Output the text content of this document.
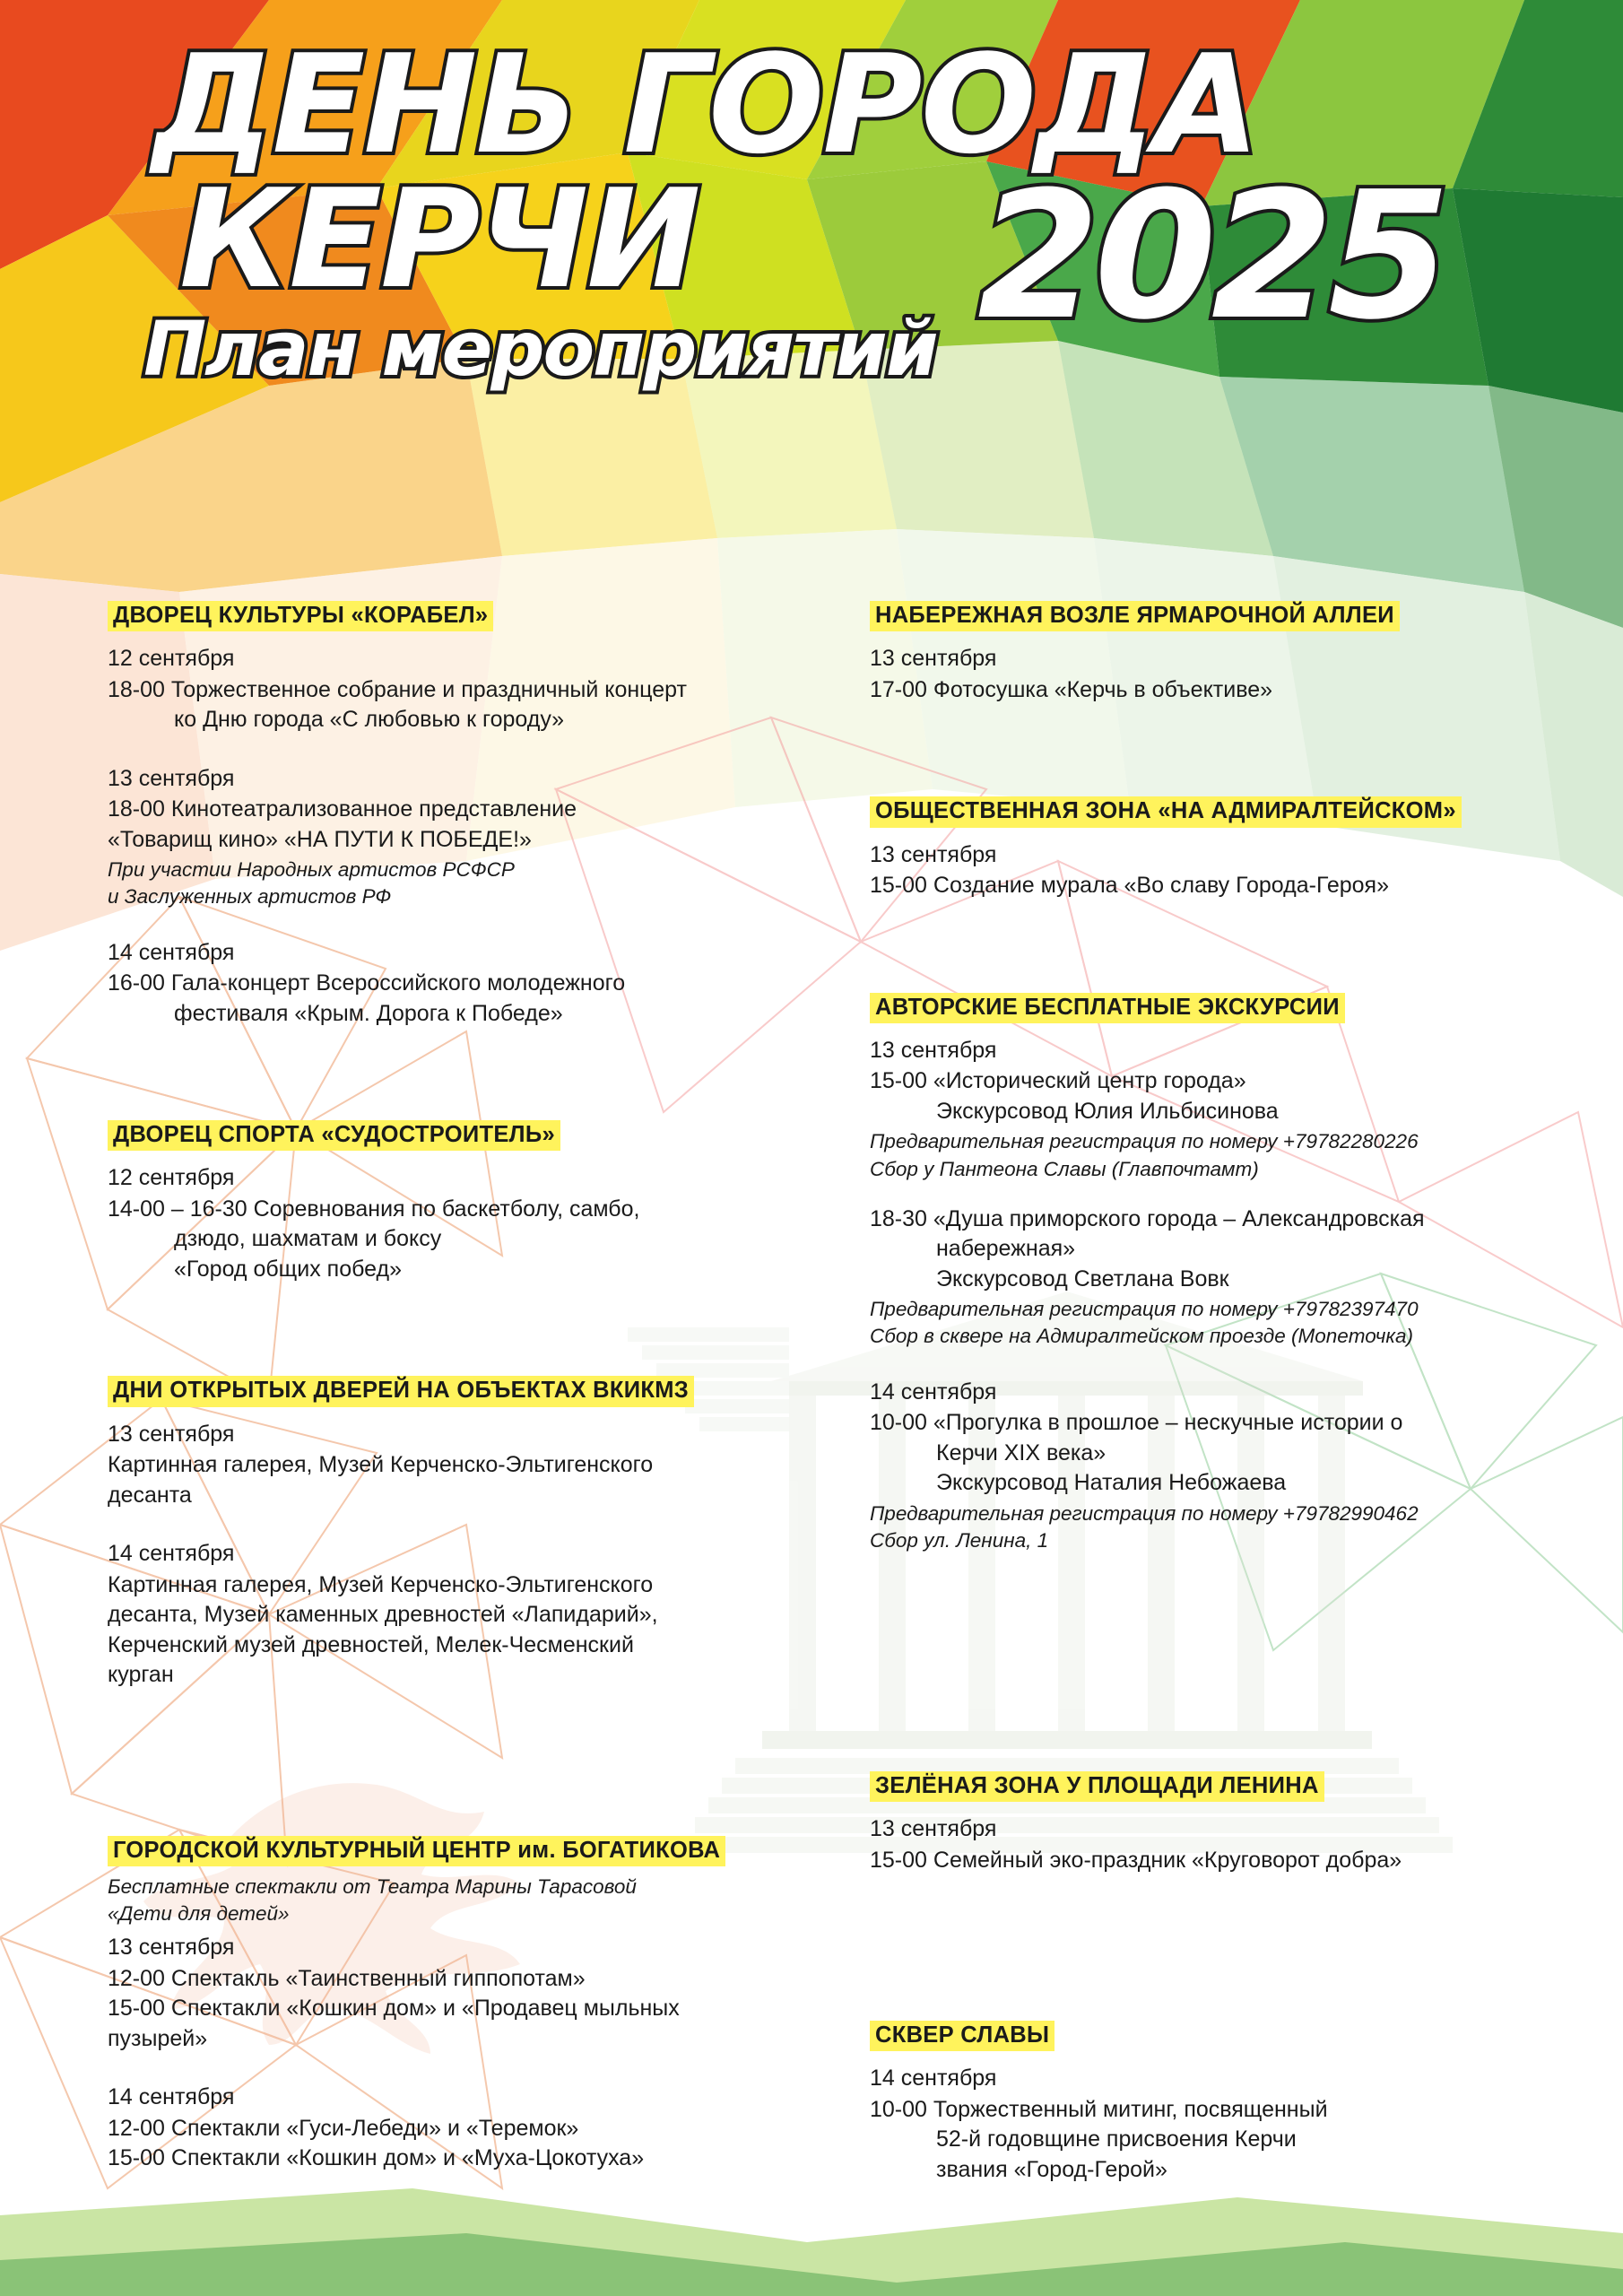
ДЕНЬ ГОРОДА
КЕРЧИ 2025
План мероприятий
ДВОРЕЦ КУЛЬТУРЫ «КОРАБЕЛ»
12 сентября
18-00 Торжественное собрание и праздничный концерт
ко Дню города «С любовью к городу»
13 сентября
18-00 Кинотеатрализованное представление
«Товарищ кино» «НА ПУТИ К ПОБЕДЕ!»
При участии Народных артистов РСФСР
и Заслуженных артистов РФ
14 сентября
16-00 Гала-концерт Всероссийского молодежного
фестиваля «Крым. Дорога к Победе»
ДВОРЕЦ СПОРТА «СУДОСТРОИТЕЛЬ»
12 сентября
14-00 – 16-30 Соревнования по баскетболу, самбо,
дзюдо, шахматам и боксу
«Город общих побед»
ДНИ ОТКРЫТЫХ ДВЕРЕЙ НА ОБЪЕКТАХ ВКИКМЗ
13 сентября
Картинная галерея, Музей Керченско-Эльтигенского
десанта
14 сентября
Картинная галерея, Музей Керченско-Эльтигенского
десанта, Музей каменных древностей «Лапидарий»,
Керченский музей древностей, Мелек-Чесменский
курган
ГОРОДСКОЙ КУЛЬТУРНЫЙ ЦЕНТР им. БОГАТИКОВА
Бесплатные спектакли от Театра Марины Тарасовой
«Дети для детей»
13 сентября
12-00 Спектакль «Таинственный гиппопотам»
15-00 Спектакли «Кошкин дом» и «Продавец мыльных
пузырей»
14 сентября
12-00 Спектакли «Гуси-Лебеди» и «Теремок»
15-00 Спектакли «Кошкин дом» и «Муха-Цокотуха»
НАБЕРЕЖНАЯ ВОЗЛЕ ЯРМАРОЧНОЙ АЛЛЕИ
13 сентября
17-00 Фотосушка «Керчь в объективе»
ОБЩЕСТВЕННАЯ ЗОНА «НА АДМИРАЛТЕЙСКОМ»
13 сентября
15-00 Создание мурала «Во славу Города-Героя»
АВТОРСКИЕ БЕСПЛАТНЫЕ ЭКСКУРСИИ
13 сентября
15-00 «Исторический центр города»
Экскурсовод Юлия Ильбисинова
Предварительная регистрация по номеру +79782280226
Сбор у Пантеона Славы (Главпочтамт)
18-30 «Душа приморского города – Александровская
набережная»
Экскурсовод Светлана Вовк
Предварительная регистрация по номеру +79782397470
Сбор в сквере на Адмиралтейском проезде (Моneточка)
14 сентября
10-00 «Прогулка в прошлое – нескучные истории о
Керчи XIX века»
Экскурсовод Наталия Небожаева
Предварительная регистрация по номеру +79782990462
Сбор ул. Ленина, 1
ЗЕЛЁНАЯ ЗОНА У ПЛОЩАДИ ЛЕНИНА
13 сентября
15-00 Семейный эко-праздник «Круговорот добра»
СКВЕР СЛАВЫ
14 сентября
10-00 Торжественный митинг, посвященный
52-й годовщине присвоения Керчи
звания «Город-Герой»
